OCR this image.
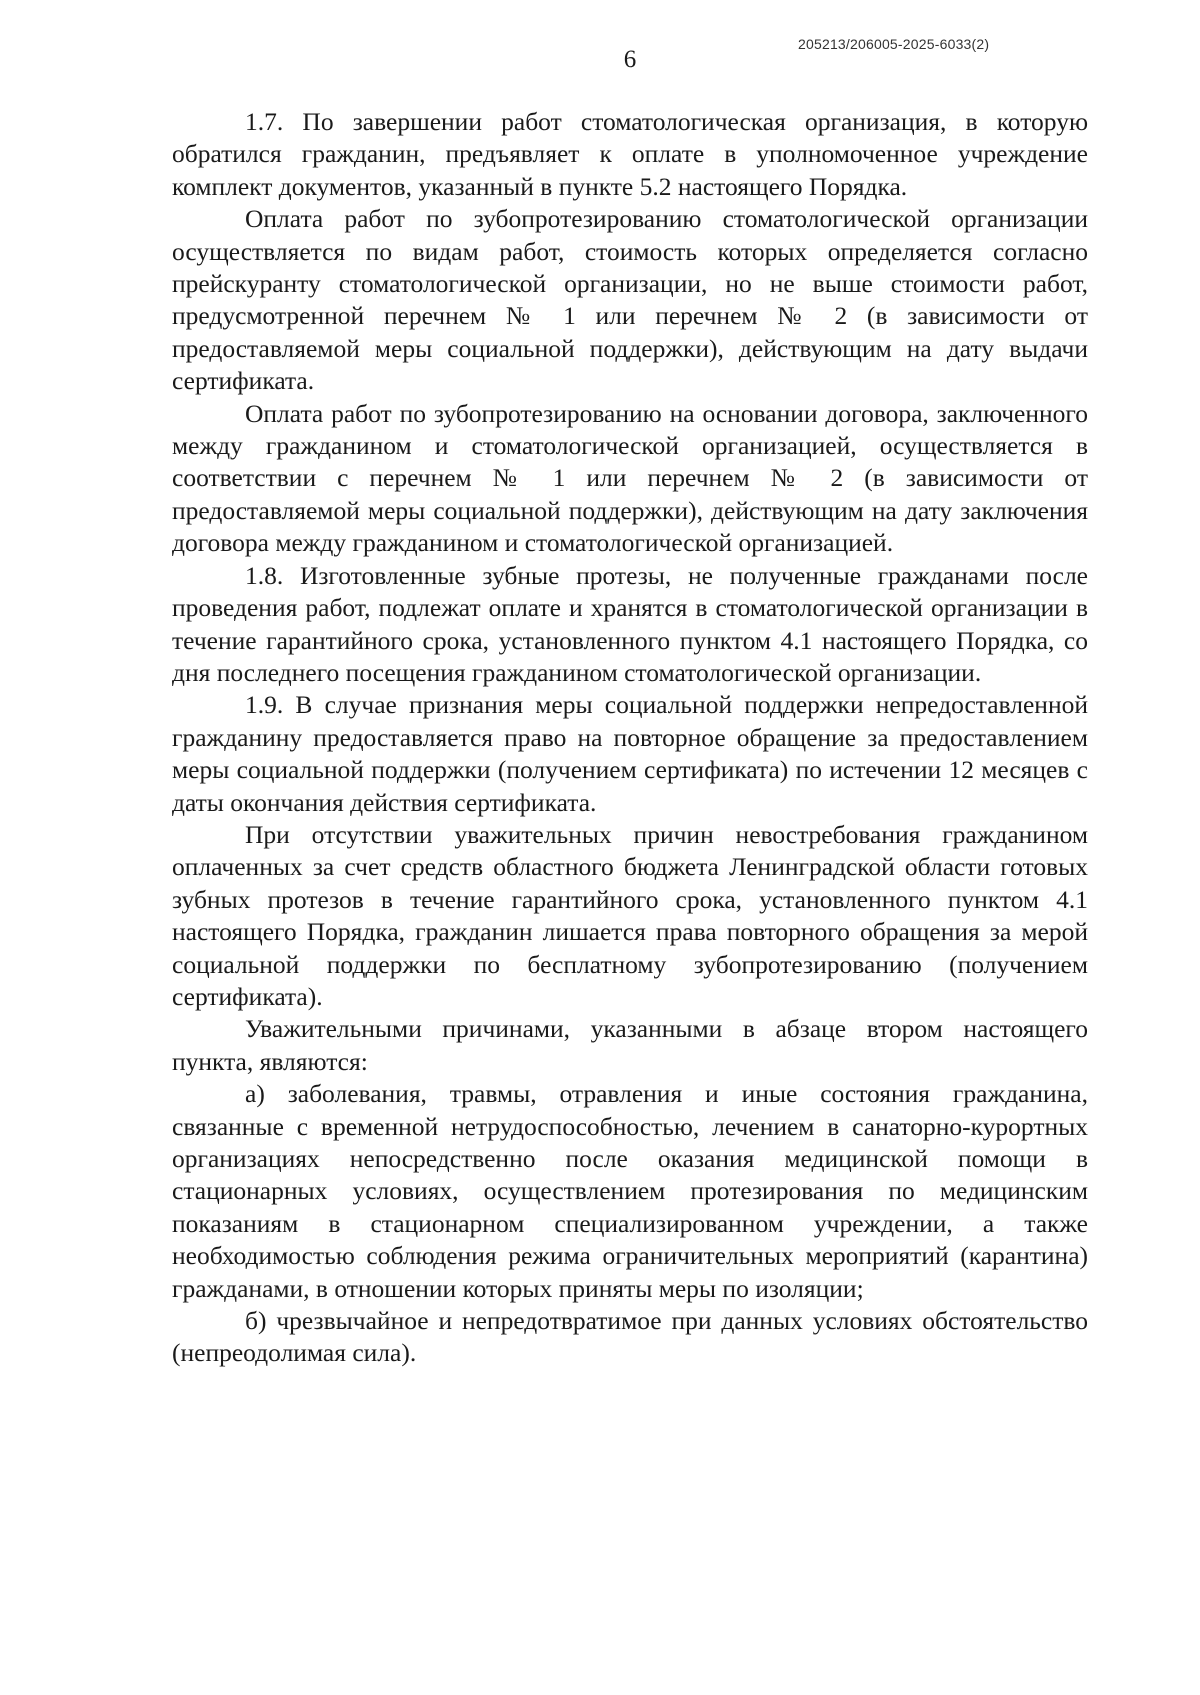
205213/206005-2025-6033(2)
6

1.7. По завершении работ стоматологическая организация, в которую обратился гражданин, предъявляет к оплате в уполномоченное учреждение комплект документов, указанный в пункте 5.2 настоящего Порядка.

Оплата работ по зубопротезированию стоматологической организации осуществляется по видам работ, стоимость которых определяется согласно прейскуранту стоматологической организации, но не выше стоимости работ, предусмотренной перечнем № 1 или перечнем № 2 (в зависимости от предоставляемой меры социальной поддержки), действующим на дату выдачи сертификата.

Оплата работ по зубопротезированию на основании договора, заключенного между гражданином и стоматологической организацией, осуществляется в соответствии с перечнем № 1 или перечнем № 2 (в зависимости от предоставляемой меры социальной поддержки), действующим на дату заключения договора между гражданином и стоматологической организацией.

1.8. Изготовленные зубные протезы, не полученные гражданами после проведения работ, подлежат оплате и хранятся в стоматологической организации в течение гарантийного срока, установленного пунктом 4.1 настоящего Порядка, со дня последнего посещения гражданином стоматологической организации.

1.9. В случае признания меры социальной поддержки непредоставленной гражданину предоставляется право на повторное обращение за предоставлением меры социальной поддержки (получением сертификата) по истечении 12 месяцев с даты окончания действия сертификата.

При отсутствии уважительных причин невостребования гражданином оплаченных за счет средств областного бюджета Ленинградской области готовых зубных протезов в течение гарантийного срока, установленного пунктом 4.1 настоящего Порядка, гражданин лишается права повторного обращения за мерой социальной поддержки по бесплатному зубопротезированию (получением сертификата).

Уважительными причинами, указанными в абзаце втором настоящего пункта, являются:

а) заболевания, травмы, отравления и иные состояния гражданина, связанные с временной нетрудоспособностью, лечением в санаторно-курортных организациях непосредственно после оказания медицинской помощи в стационарных условиях, осуществлением протезирования по медицинским показаниям в стационарном специализированном учреждении, а также необходимостью соблюдения режима ограничительных мероприятий (карантина) гражданами, в отношении которых приняты меры по изоляции;

б) чрезвычайное и непредотвратимое при данных условиях обстоятельство (непреодолимая сила).
